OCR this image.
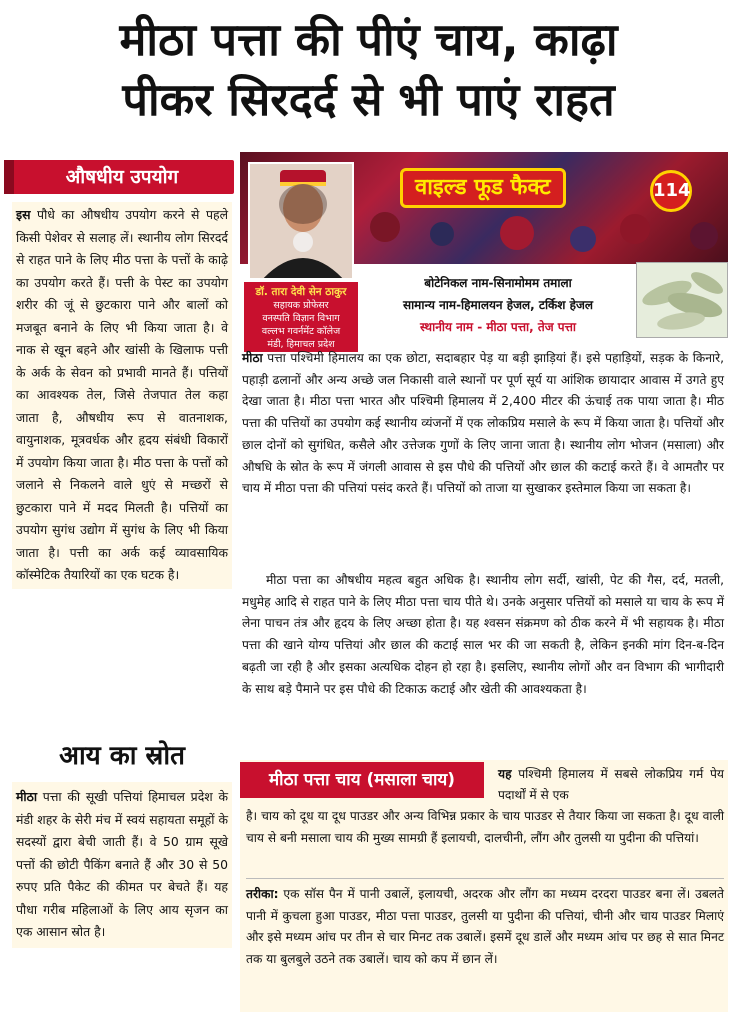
मीठा पत्ता की पीएं चाय, काढ़ा
पीकर सिरदर्द से भी पाएं राहत
औषधीय उपयोग
इस पौधे का औषधीय उपयोग करने से पहले किसी पेशेवर से सलाह लें। स्थानीय लोग सिरदर्द से राहत पाने के लिए मीठ पत्ता के पत्तों के काढ़े का उपयोग करते हैं। पत्ती के पेस्ट का उपयोग शरीर की जूं से छुटकारा पाने और बालों को मजबूत बनाने के लिए भी किया जाता है। वे नाक से खून बहने और खांसी के खिलाफ पत्ती के अर्क के सेवन को प्रभावी मानते हैं। पत्तियों का आवश्यक तेल, जिसे तेजपात तेल कहा जाता है, औषधीय रूप से वातनाशक, वायुनाशक, मूत्रवर्धक और हृदय संबंधी विकारों में उपयोग किया जाता है। मीठ पत्ता के पत्तों को जलाने से निकलने वाले धुएं से मच्छरों से छुटकारा पाने में मदद मिलती है। पत्तियों का उपयोग सुगंध उद्योग में सुगंध के लिए भी किया जाता है। पत्ती का अर्क कई व्यावसायिक कॉस्मेटिक तैयारियों का एक घटक है।
आय का स्रोत
मीठा पत्ता की सूखी पत्तियां हिमाचल प्रदेश के मंडी शहर के सेरी मंच में स्वयं सहायता समूहों के सदस्यों द्वारा बेची जाती हैं। वे 50 ग्राम सूखे पत्तों की छोटी पैकिंग बनाते हैं और 30 से 50 रुपए प्रति पैकेट की कीमत पर बेचते हैं। यह पौधा गरीब महिलाओं के लिए आय सृजन का एक आसान स्रोत है।
वाइल्ड फूड फैक्ट	114
डॉ. तारा देवी सेन ठाकुर
सहायक प्रोफेसर
वनस्पति विज्ञान विभाग
वल्लभ गवर्नमेंट कॉलेज
मंडी, हिमाचल प्रदेश
बोटेनिकल नाम-सिनामोमम तमाला
सामान्य नाम-हिमालयन हेजल, टर्किश हेजल
स्थानीय नाम - मीठा पत्ता, तेज पत्ता
मीठा पत्ता पश्चिमी हिमालय का एक छोटा, सदाबहार पेड़ या बड़ी झाड़ियां हैं। इसे पहाड़ियों, सड़क के किनारे, पहाड़ी ढलानों और अन्य अच्छे जल निकासी वाले स्थानों पर पूर्ण सूर्य या आंशिक छायादार आवास में उगते हुए देखा जाता है। मीठा पत्ता भारत और पश्चिमी हिमालय में 2,400 मीटर की ऊंचाई तक पाया जाता है। मीठ पत्ता की पत्तियों का उपयोग कई स्थानीय व्यंजनों में एक लोकप्रिय मसाले के रूप में किया जाता है। पत्तियों और छाल दोनों को सुगंधित, कसैले और उत्तेजक गुणों के लिए जाना जाता है। स्थानीय लोग भोजन (मसाला) और औषधि के स्रोत के रूप में जंगली आवास से इस पौधे की पत्तियों और छाल की कटाई करते हैं। वे आमतौर पर चाय में मीठा पत्ता की पत्तियां पसंद करते हैं। पत्तियों को ताजा या सुखाकर इस्तेमाल किया जा सकता है।
मीठा पत्ता का औषधीय महत्व बहुत अधिक है। स्थानीय लोग सर्दी, खांसी, पेट की गैस, दर्द, मतली, मधुमेह आदि से राहत पाने के लिए मीठा पत्ता चाय पीते थे। उनके अनुसार पत्तियों को मसाले या चाय के रूप में लेना पाचन तंत्र और हृदय के लिए अच्छा होता है। यह श्वसन संक्रमण को ठीक करने में भी सहायक है। मीठा पत्ता की खाने योग्य पत्तियां और छाल की कटाई साल भर की जा सकती है, लेकिन इनकी मांग दिन-ब-दिन बढ़ती जा रही है और इसका अत्यधिक दोहन हो रहा है। इसलिए, स्थानीय लोगों और वन विभाग की भागीदारी के साथ बड़े पैमाने पर इस पौधे की टिकाऊ कटाई और खेती की आवश्यकता है।
मीठा पत्ता चाय (मसाला चाय)	यह पश्चिमी हिमालय में सबसे लोकप्रिय गर्म पेय पदार्थों में से एक
है। चाय को दूध या दूध पाउडर और अन्य विभिन्न प्रकार के चाय पाउडर से तैयार किया जा सकता है। दूध वाली चाय से बनी मसाला चाय की मुख्य सामग्री हैं इलायची, दालचीनी, लौंग और तुलसी या पुदीना की पत्तियां।
तरीका: एक सॉस पैन में पानी उबालें, इलायची, अदरक और लौंग का मध्यम दरदरा पाउडर बना लें। उबलते पानी में कुचला हुआ पाउडर, मीठा पत्ता पाउडर, तुलसी या पुदीना की पत्तियां, चीनी और चाय पाउडर मिलाएं और इसे मध्यम आंच पर तीन से चार मिनट तक उबालें। इसमें दूध डालें और मध्यम आंच पर छह से सात मिनट तक या बुलबुले उठने तक उबालें। चाय को कप में छान लें।
